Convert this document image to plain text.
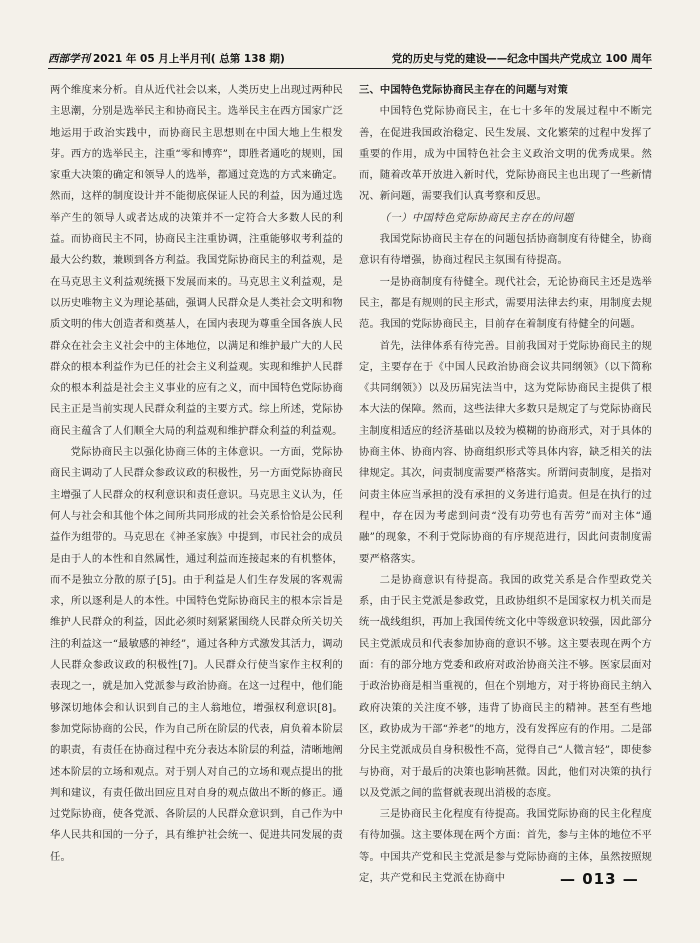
西部学刊 2021 年 05 月上半月刊( 总第 138 期)	党的历史与党的建设——纪念中国共产党成立 100 周年

两个维度来分析。自从近代社会以来，人类历史上出现过两种民主思潮，分别是选举民主和协商民主。选举民主在西方国家广泛地运用于政治实践中，而协商民主思想则在中国大地上生根发芽。西方的选举民主，注重“零和博弈”，即胜者通吃的规则，国家重大决策的确定和领导人的选举，都通过竞选的方式来确定。然而，这样的制度设计并不能彻底保证人民的利益，因为通过选举产生的领导人或者达成的决策并不一定符合大多数人民的利益。而协商民主不同，协商民主注重协调，注重能够収考利益的最大公约数，兼顾到各方利益。我国党际协商民主的利益观，是在马克思主义利益观统摄下发展而来的。马克思主义利益观，是以历史唯物主义为理论基础，强调人民群众是人类社会文明和物质文明的伟大创造者和奠基人，在国内表现为尊重全国各族人民群众在社会主义社会中的主体地位，以满足和维护最广大的人民群众的根本利益作为已任的社会主义利益观。实现和维护人民群众的根本利益是社会主义事业的应有之义，而中国特色党际协商民主正是当前实现人民群众利益的主要方式。综上所述，党际协商民主蕴含了人们顺全大局的利益观和维护群众利益的利益观。

党际协商民主以强化协商三体的主体意识。一方面，党际协商民主调动了人民群众参政议政的积极性，另一方面党际协商民主增强了人民群众的权利意识和责任意识。马克思主义认为，任何人与社会和其他个体之间所共同形成的社会关系恰恰是公民利益作为组带的。马克思在《神圣家族》中提到，市民社会的成员是由于人的本性和自然属性，通过利益而连接起来的有机整体，而不是独立分散的原子[5]。由于利益是人们生存发展的客观需求，所以逐利是人的本性。中国特色党际协商民主的根本宗旨是维护人民群众的利益，因此必须时刻紧紧围绕人民群众所关切关注的利益这一“最敏感的神经”，通过各种方式激发其活力，调动人民群众参政议政的积极性[7]。人民群众行使当家作主权利的表现之一，就是加入党派参与政治协商。在这一过程中，他们能够深切地体会和认识到自己的主人翁地位，增强权利意识[8]。参加党际协商的公民，作为自己所在阶层的代表，肩负着本阶层的职责，有责任在协商过程中充分表达本阶层的利益，清晰地阐述本阶层的立场和观点。对于别人对自己的立场和观点提出的批判和建议，有责任做出回应且对自身的观点做出不断的修正。通过党际协商，使各党派、各阶层的人民群众意识到，自己作为中华人民共和国的一分子，具有维护社会统一、促进共同发展的责任。

三、中国特色党际协商民主存在的问题与对策

中国特色党际协商民主，在七十多年的发展过程中不断完善，在促进我国政治稳定、民生发展、文化繁荣的过程中发挥了重要的作用，成为中国特色社会主义政治文明的优秀成果。然而，随着改革开放进入新时代，党际协商民主也出现了一些新情况、新问题，需要我们认真考察和反思。

（一）中国特色党际协商民主存在的问题

我国党际协商民主存在的问题包括协商制度有待健全，协商意识有待增强，协商过程民主氛围有待提高。

一是协商制度有待健全。现代社会，无论协商民主还是选举民主，都是有规则的民主形式，需要用法律去约束，用制度去规范。我国的党际协商民主，目前存在着制度有待健全的问题。

首先，法律体系有待完善。目前我国对于党际协商民主的规定，主要存在于《中国人民政治协商会议共同纲领》（以下简称《共同纲领》）以及历届宪法当中，这为党际协商民主提供了根本大法的保障。然而，这些法律大多数只是规定了与党际协商民主制度相适应的经济基础以及较为模糊的协商形式，对于具体的协商主体、协商内容、协商组织形式等具体内容，缺乏相关的法律规定。其次，问责制度需要严格落实。所谓问责制度，是指对问责主体应当承担的没有承担的义务进行追责。但是在执行的过程中，存在因为考虑到问责“没有功劳也有苦劳”而对主体“通融”的现象，不利于党际协商的有序规范进行，因此问责制度需要严格落实。

二是协商意识有待提高。我国的政党关系是合作型政党关系，由于民主党派是参政党，且政协组织不是国家权力机关而是统一战线组织，再加上我国传统文化中等级意识较强，因此部分民主党派成员和代表参加协商的意识不够。这主要表现在两个方面：有的部分地方党委和政府对政治协商关注不够。医家层面对于政治协商是相当重视的，但在个别地方，对于将协商民主纳入政府决策的关注度不够，违背了协商民主的精神。甚至有些地区，政协成为干部“养老”的地方，没有发挥应有的作用。二是部分民主党派成员自身积极性不高，觉得自己“人微言轻”，即使参与协商，对于最后的决策也影响甚微。因此，他们对决策的执行以及党派之间的监督就表现出消极的态度。

三是协商民主化程度有待提高。我国党际协商的民主化程度有待加强。这主要体现在两个方面：首先，参与主体的地位不平等。中国共产党和民主党派是参与党际协商的主体，虽然按照规定，共产党和民主党派在协商中	— 013 —
